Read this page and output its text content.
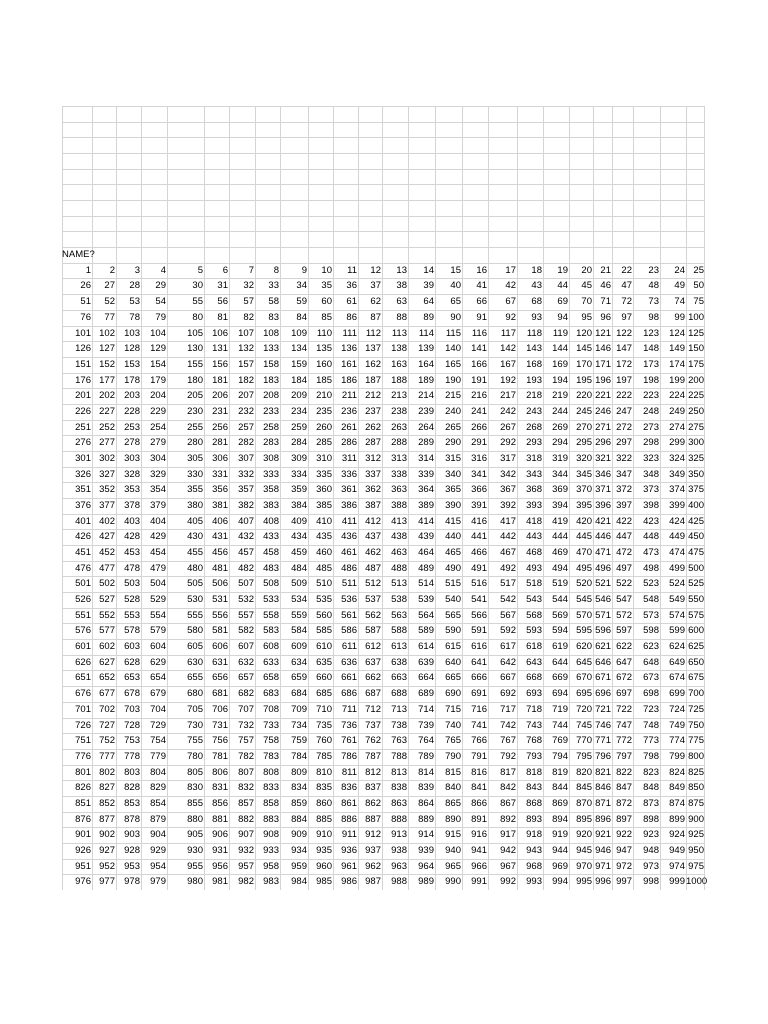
NAME?
1	2	3	4	5	6	7	8	9	10	11	12	13	14	15	16	17	18	19	20 21	22	23	24 25
26	27	28	29	30	31	32	33	34	35	36	37	38	39	40	41	42	43	44	45 46	47	48	49 50
51	52	53	54	55	56	57	58	59	60	61	62	63	64	65	66	67	68	69	70 71	72	73	74 75
76	77	78	79	80	81	82	83	84	85	86	87	88	89	90	91	92	93	94	95 96	97	98	99 100
101 102 103	104	105 106	107 108	109	110	111 112	113	114	115	116	117	118	119 120 121 122	123	124 125
126 127 128	129	130 131	132 133	134 135 136 137	138	139	140	141	142	143	144 145 146 147	148	149 150
151 152 153	154	155 156	157 158	159 160 161 162	163	164	165	166	167	168	169 170 171 172	173	174 175
176 177 178	179	180 181	182 183	184 185 186 187	188	189	190	191	192	193	194 195 196 197	198	199 200
201 202 203	204	205 206	207 208	209 210	211 212	213	214	215	216	217	218	219 220 221 222	223	224 225
226 227 228	229	230 231	232 233	234 235 236 237	238	239	240	241	242	243	244 245 246 247	248	249 250
251 252 253	254	255 256	257 258	259 260 261 262	263	264	265	266	267	268	269 270 271 272	273	274 275
276 277 278	279	280 281	282 283	284 285 286 287	288	289	290	291	292	293	294 295 296 297	298	299 300
301 302 303	304	305 306	307 308	309 310	311 312	313	314	315	316	317	318	319 320 321 322	323	324 325
326 327 328	329	330 331	332 333	334 335 336 337	338	339	340	341	342	343	344 345 346 347	348	349 350
351 352 353	354	355 356	357 358	359 360 361 362	363	364	365	366	367	368	369 370 371 372	373	374 375
376 377 378	379	380 381	382 383	384 385 386 387	388	389	390	391	392	393	394 395 396 397	398	399 400
401 402 403	404	405 406	407 408	409 410	411 412	413	414	415	416	417	418	419 420 421 422	423	424 425
426 427 428	429	430 431	432 433	434 435 436 437	438	439	440	441	442	443	444 445 446 447	448	449 450
451 452 453	454	455 456	457 458	459 460 461 462	463	464	465	466	467	468	469 470 471 472	473	474 475
476 477 478	479	480 481	482 483	484 485 486 487	488	489	490	491	492	493	494 495 496 497	498	499 500
501 502 503	504	505 506	507 508	509 510	511 512	513	514	515	516	517	518	519 520 521 522	523	524 525
526 527 528	529	530 531	532 533	534 535 536 537	538	539	540	541	542	543	544 545 546 547	548	549 550
551 552 553	554	555 556	557 558	559 560 561 562	563	564	565	566	567	568	569 570 571 572	573	574 575
576 577 578	579	580 581	582 583	584 585 586 587	588	589	590	591	592	593	594 595 596 597	598	599 600
601 602 603	604	605 606	607 608	609 610	611 612	613	614	615	616	617	618	619 620 621 622	623	624 625
626 627 628	629	630 631	632 633	634 635 636 637	638	639	640	641	642	643	644 645 646 647	648	649 650
651 652 653	654	655 656	657 658	659 660 661 662	663	664	665	666	667	668	669 670 671 672	673	674 675
676 677 678	679	680 681	682 683	684 685 686 687	688	689	690	691	692	693	694 695 696 697	698	699 700
701 702 703	704	705 706	707 708	709 710	711 712	713	714	715	716	717	718	719 720 721 722	723	724 725
726 727 728	729	730 731	732 733	734 735 736 737	738	739	740	741	742	743	744 745 746 747	748	749 750
751 752 753	754	755 756	757 758	759 760 761 762	763	764	765	766	767	768	769 770 771 772	773	774 775
776 777 778	779	780 781	782 783	784 785 786 787	788	789	790	791	792	793	794 795 796 797	798	799 800
801 802 803	804	805 806	807 808	809 810	811 812	813	814	815	816	817	818	819 820 821 822	823	824 825
826 827 828	829	830 831	832 833	834 835 836 837	838	839	840	841	842	843	844 845 846 847	848	849 850
851 852 853	854	855 856	857 858	859 860 861 862	863	864	865	866	867	868	869 870 871 872	873	874 875
876 877 878	879	880 881	882 883	884 885 886 887	888	889	890	891	892	893	894 895 896 897	898	899 900
901 902 903	904	905 906	907 908	909 910	911 912	913	914	915	916	917	918	919 920 921 922	923	924 925
926 927 928	929	930 931	932 933	934 935 936 937	938	939	940	941	942	943	944 945 946 947	948	949 950
951 952 953	954	955 956	957 958	959 960 961 962	963	964	965	966	967	968	969 970 971 972	973	974 975
976 977 978	979	980 981	982 983	984 985 986 987	988	989	990	991	992	993	994 995 996 997	998	999 1000
